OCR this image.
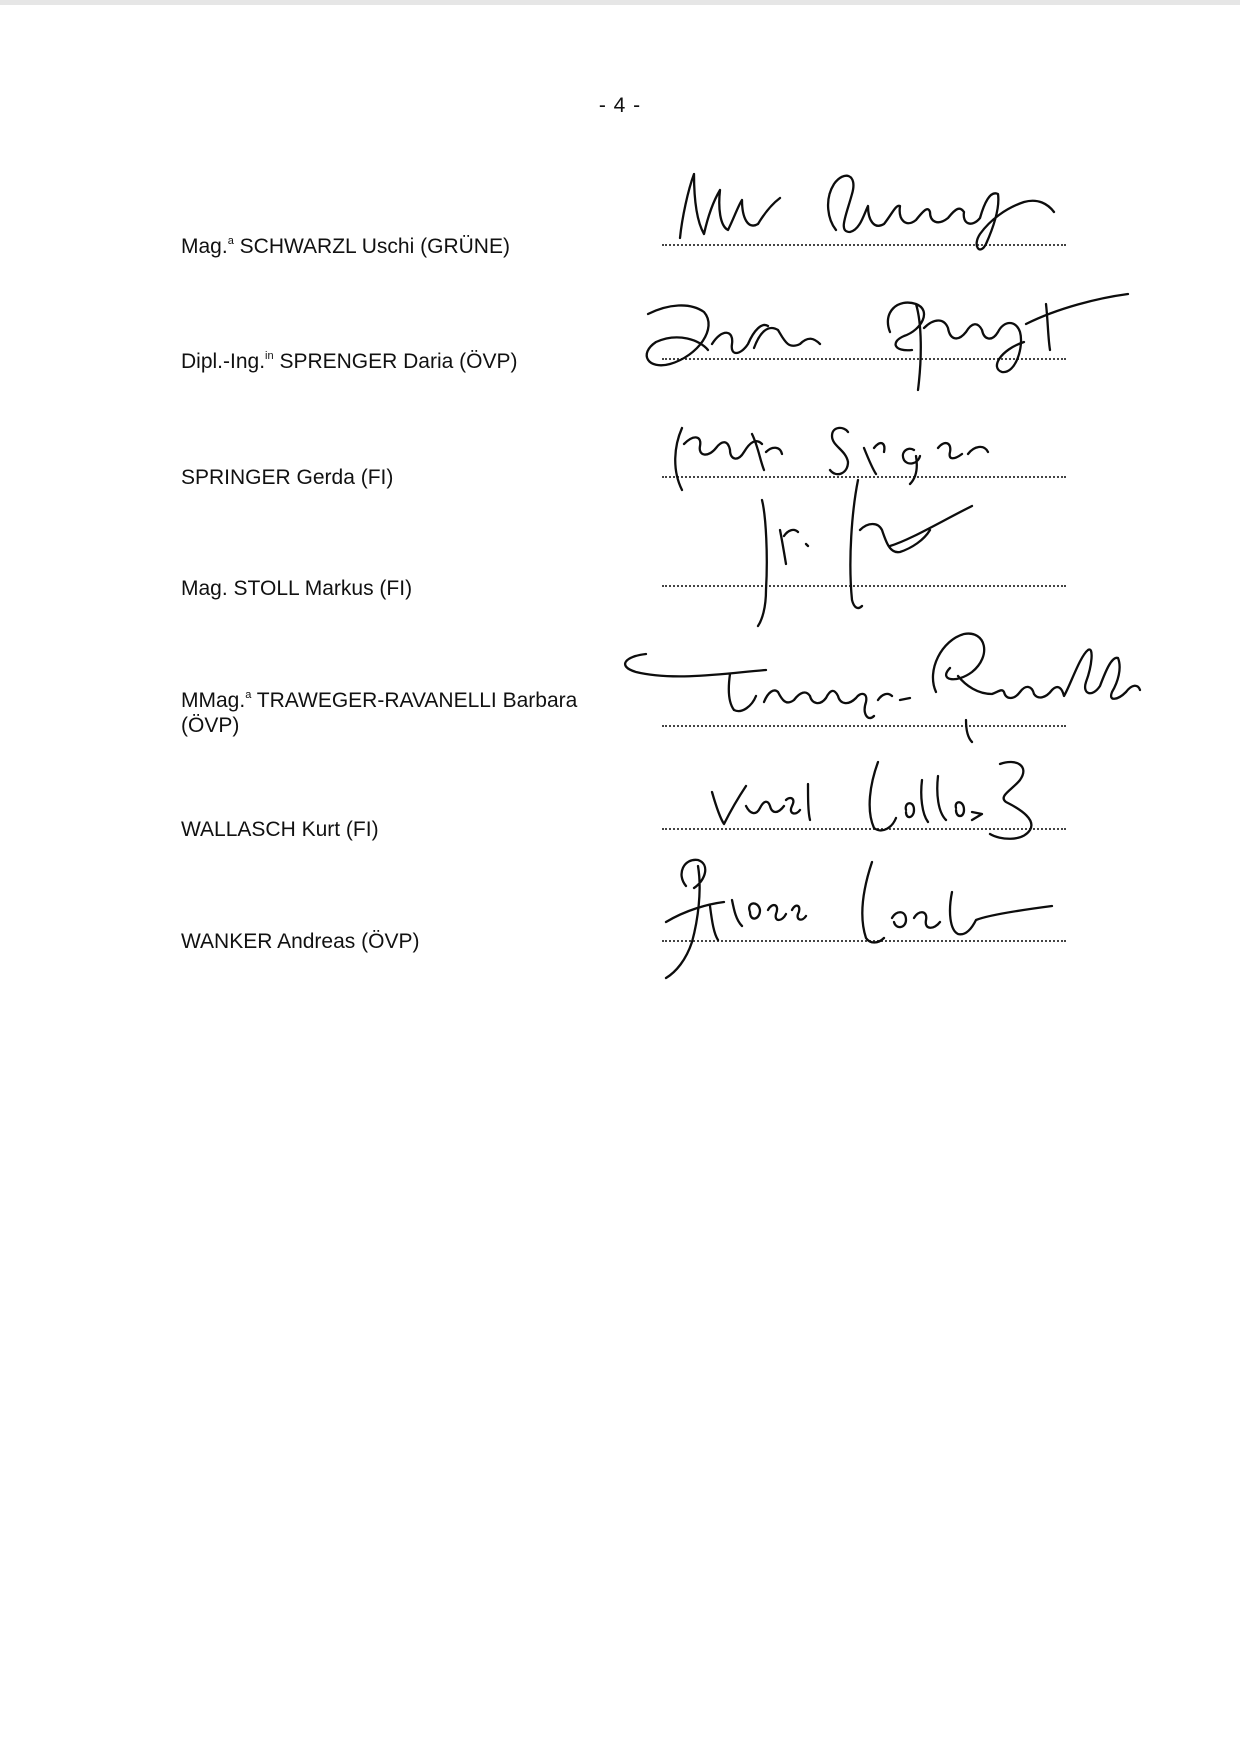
- 4 -
Mag.$^a$ SCHWARZL Uschi (GRÜNE)
Dipl.-Ing.$^{in}$ SPRENGER Daria (ÖVP)
SPRINGER Gerda (FI)
Mag. STOLL Markus (FI)
MMag.$^a$ TRAWEGER-RAVANELLI Barbara (ÖVP)
WALLASCH Kurt (FI)
WANKER Andreas (ÖVP)
